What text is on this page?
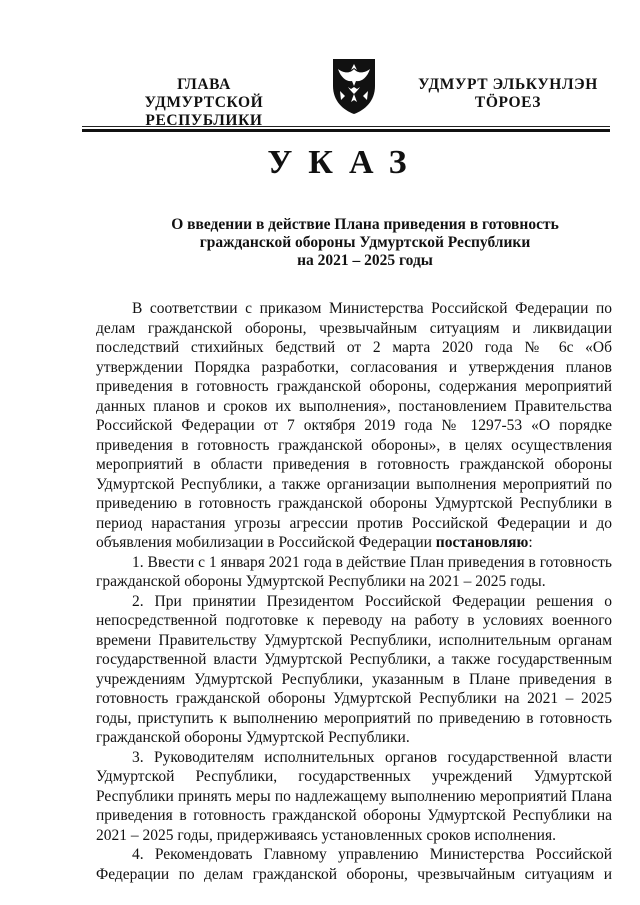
ГЛАВА
УДМУРТСКОЙ РЕСПУБЛИКИ
УДМУРТ ЭЛЬКУНЛЭН
ТӦРОЕЗ
УКАЗ
О введении в действие Плана приведения в готовность
гражданской обороны Удмуртской Республики
на 2021 – 2025 годы

В соответствии с приказом Министерства Российской Федерации по делам гражданской обороны, чрезвычайным ситуациям и ликвидации последствий стихийных бедствий от 2 марта 2020 года № 6с «Об утверждении Порядка разработки, согласования и утверждения планов приведения в готовность гражданской обороны, содержания мероприятий данных планов и сроков их выполнения», постановлением Правительства Российской Федерации от 7 октября 2019 года № 1297-53 «О порядке приведения в готовность гражданской обороны», в целях осуществления мероприятий в области приведения в готовность гражданской обороны Удмуртской Республики, а также организации выполнения мероприятий по приведению в готовность гражданской обороны Удмуртской Республики в период нарастания угрозы агрессии против Российской Федерации и до объявления мобилизации в Российской Федерации постановляю:

1. Ввести с 1 января 2021 года в действие План приведения в готовность гражданской обороны Удмуртской Республики на 2021 – 2025 годы.

2. При принятии Президентом Российской Федерации решения о непосредственной подготовке к переводу на работу в условиях военного времени Правительству Удмуртской Республики, исполнительным органам государственной власти Удмуртской Республики, а также государственным учреждениям Удмуртской Республики, указанным в Плане приведения в готовность гражданской обороны Удмуртской Республики на 2021 – 2025 годы, приступить к выполнению мероприятий по приведению в готовность гражданской обороны Удмуртской Республики.

3. Руководителям исполнительных органов государственной власти Удмуртской Республики, государственных учреждений Удмуртской Республики принять меры по надлежащему выполнению мероприятий Плана приведения в готовность гражданской обороны Удмуртской Республики на 2021 – 2025 годы, придерживаясь установленных сроков исполнения.

4. Рекомендовать Главному управлению Министерства Российской Федерации по делам гражданской обороны, чрезвычайным ситуациям и
